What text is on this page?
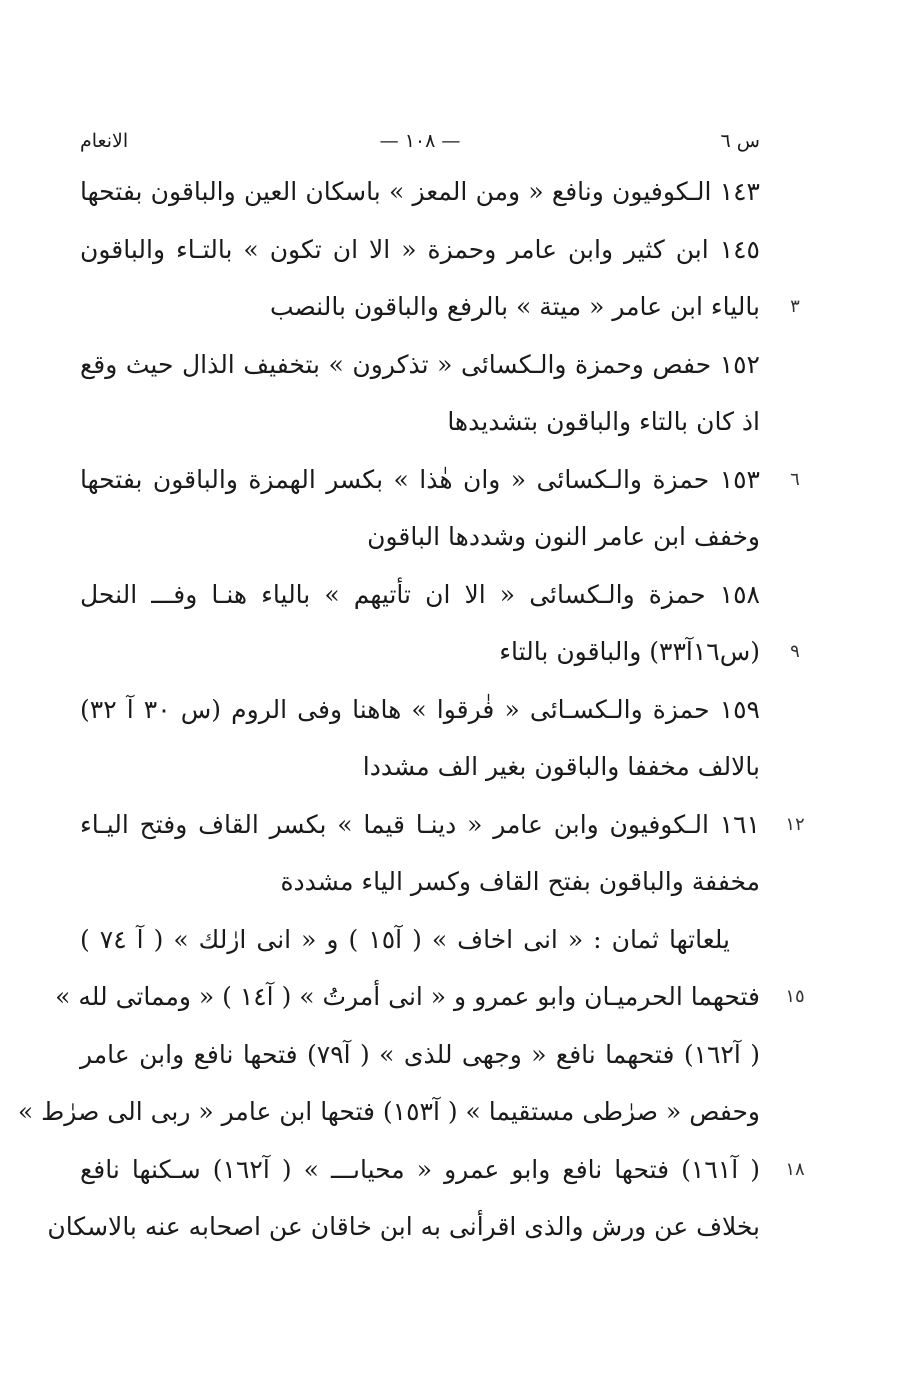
س ٦
— ١٠٨ —
الانعام
١٤٣ الـكوفيون ونافع « ومن المعز » باسكان العين والباقون بفتحها
١٤٥ ابن كثير وابن عامر وحمزة « الا ان تكون » بالتـاء والباقون
٣
بالياء ابن عامر « ميتة » بالرفع والباقون بالنصب
١٥٢ حفص وحمزة والـكسائى « تذكرون » بتخفيف الذال حيث وقع
اذ كان بالتاء والباقون بتشديدها
٦
١٥٣ حمزة والـكسائى « وان هٰذا » بكسر الهمزة والباقون بفتحها
وخفف ابن عامر النون وشددها الباقون
١٥٨ حمزة والـكسائى « الا ان تأتيهم » بالياء هنـا وفـــ النحل
٩
(س١٦آ٣٣) والباقون بالتاء
١٥٩ حمزة والـكسـائى « فٰرقوا » هاهنا وفى الروم (س ٣٠ آ ٣٢)
بالالف مخففا والباقون بغير الف مشددا
١٢
١٦١ الـكوفيون وابن عامر « دينـا قيما » بكسر القاف وفتح اليـاء
مخففة والباقون بفتح القاف وكسر الياء مشددة
يلعاتها ثمان : « انى اخاف » ( آ١٥ ) و « انى ارٰلك » ( آ ٧٤ )
١٥
فتحهما الحرميـان وابو عمرو و « انى أمرتُ » ( آ١٤ ) « ومماتى لله »
( آ١٦٢) فتحهما نافع « وجهى للذى » ( آ٧٩) فتحها نافع وابن عامر
وحفص « صرٰطى مستقيما » ( آ١٥٣) فتحها ابن عامر « ربى الى صرٰط »
١٨
( آ١٦١) فتحها نافع وابو عمرو « محياىـــ » ( آ١٦٢) سـكنها نافع
بخلاف عن ورش والذى اقرأنى به ابن خاقان عن اصحابه عنه بالاسكان
